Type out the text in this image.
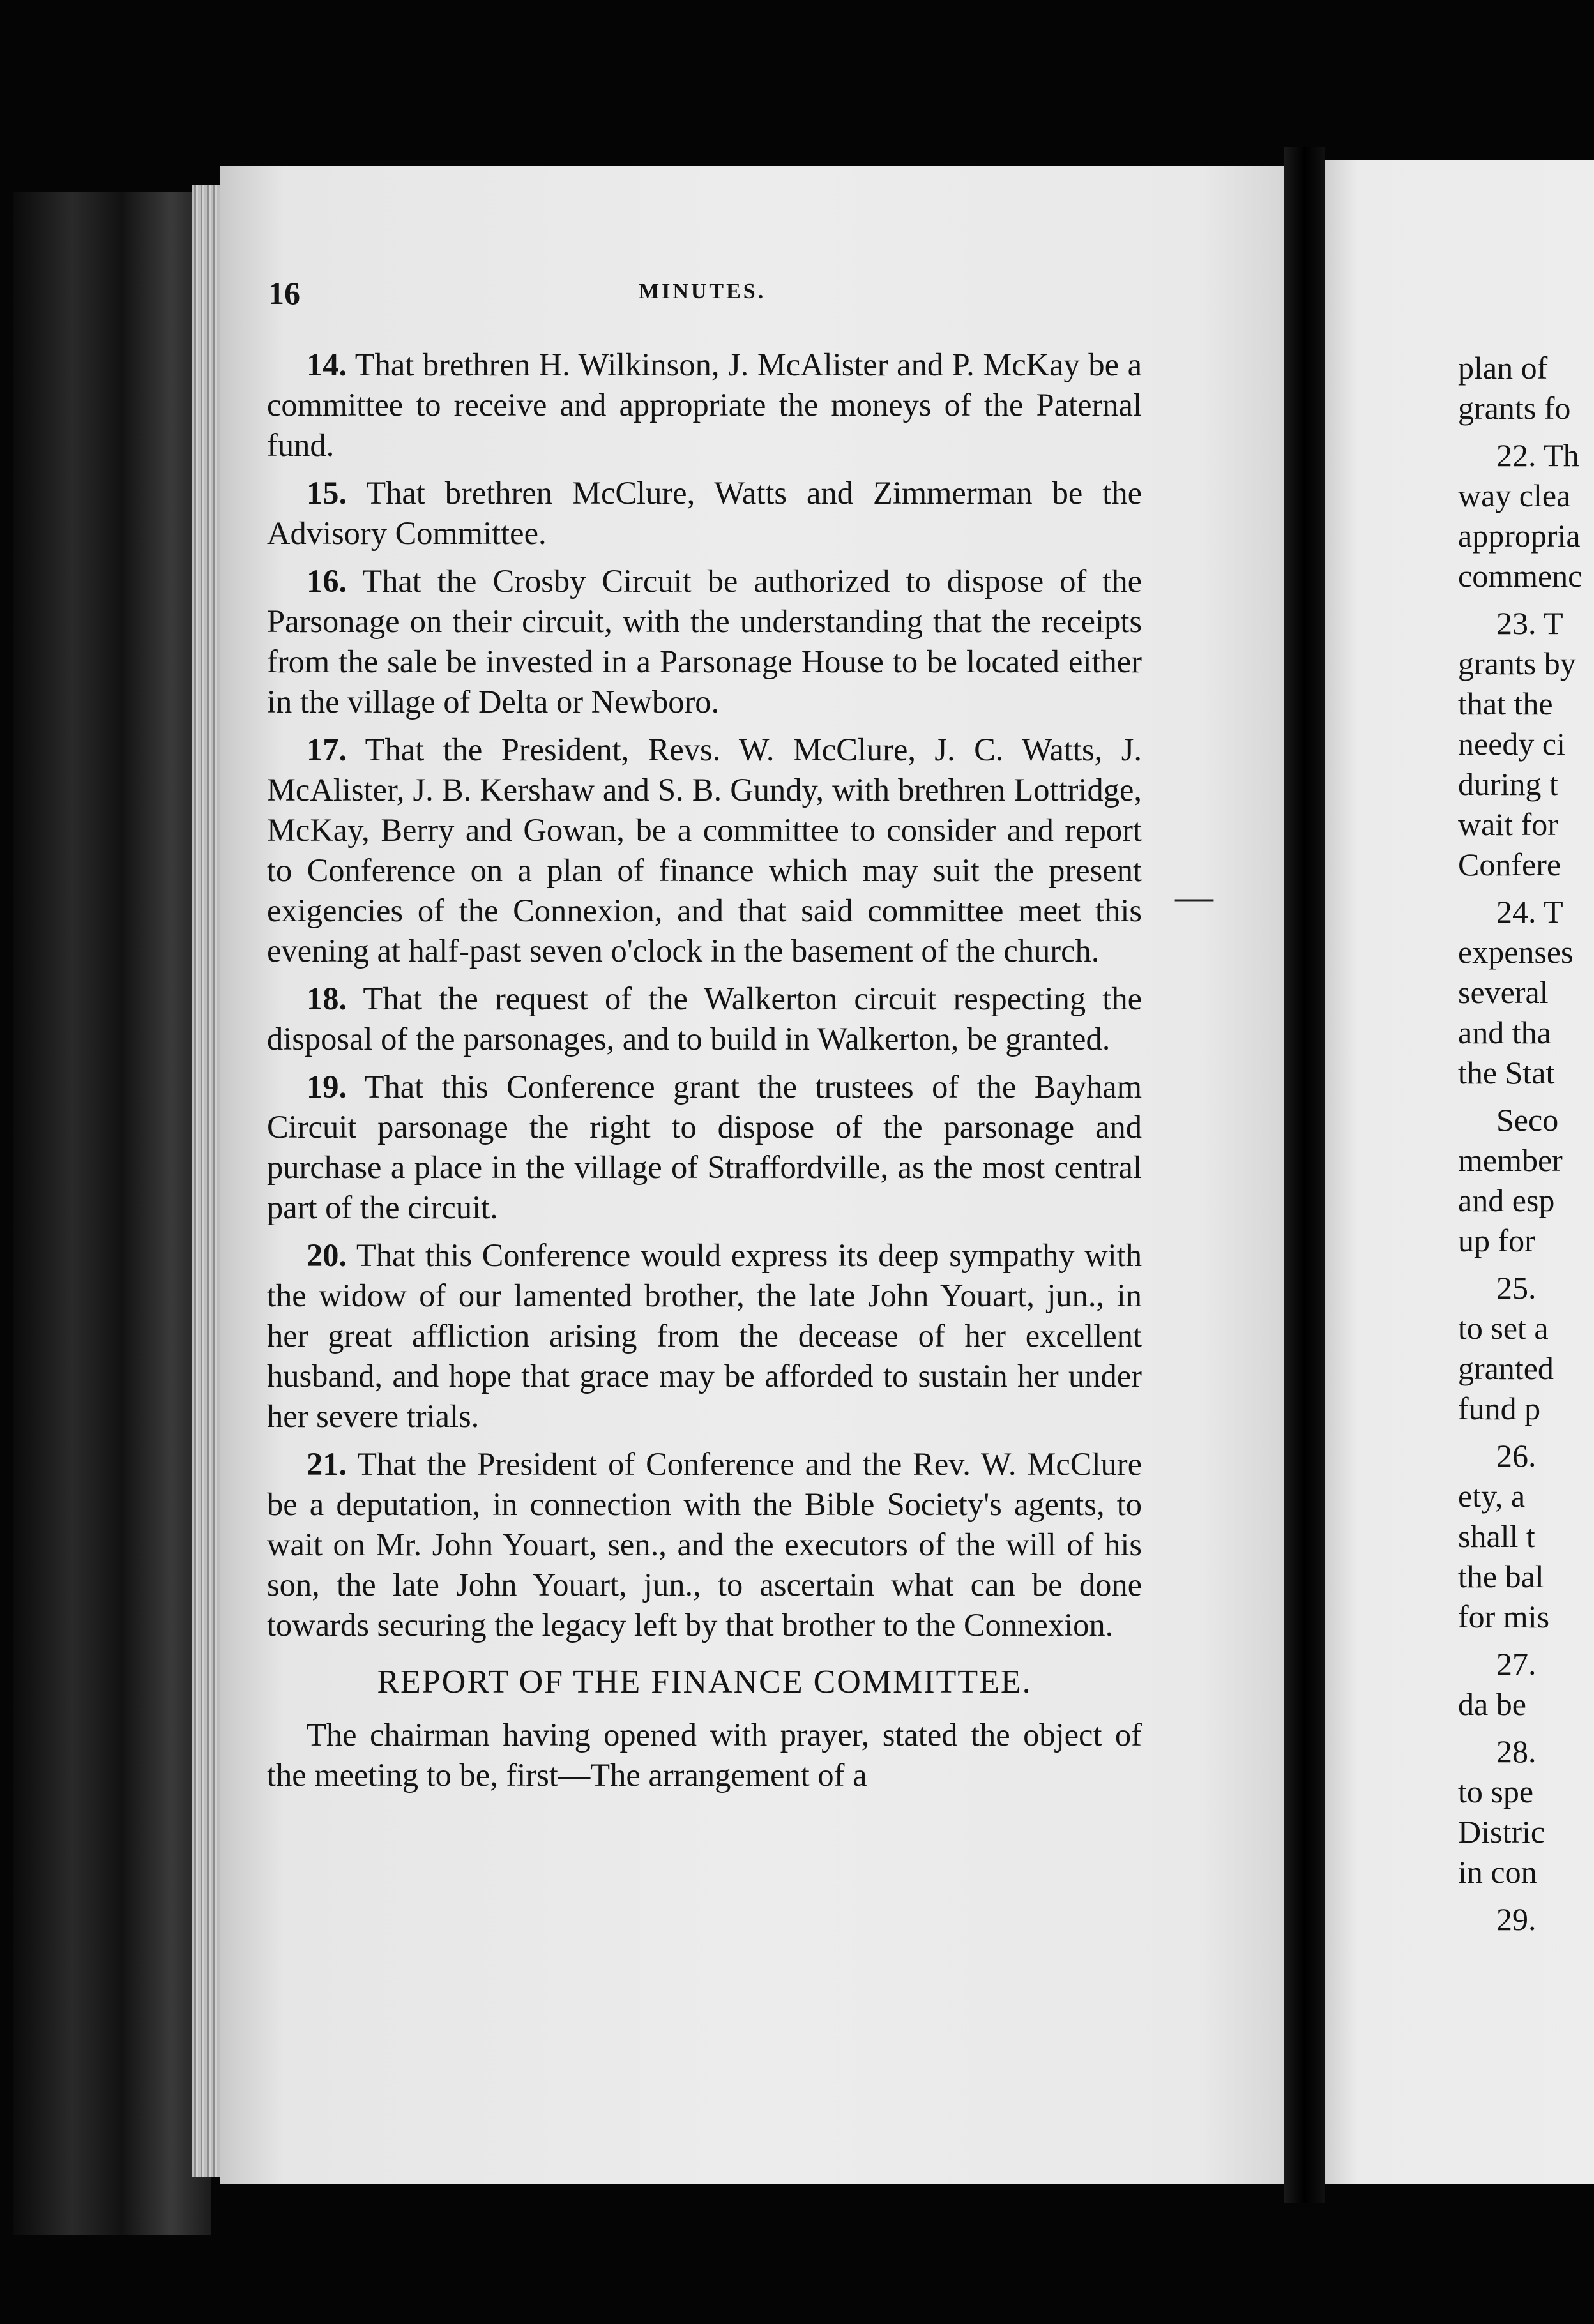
16	MINUTES.

14. That brethren H. Wilkinson, J. McAlister and P. McKay be a committee to receive and appropriate the moneys of the Paternal fund.

15. That brethren McClure, Watts and Zimmerman be the Advisory Committee.

16. That the Crosby Circuit be authorized to dispose of the Parsonage on their circuit, with the understanding that the receipts from the sale be invested in a Parsonage House to be located either in the village of Delta or Newboro.

17. That the President, Revs. W. McClure, J. C. Watts, J. McAlister, J. B. Kershaw and S. B. Gundy, with brethren Lottridge, McKay, Berry and Gowan, be a committee to consider and report to Conference on a plan of finance which may suit the present exigencies of the Connexion, and that said committee meet this evening at half-past seven o'clock in the basement of the church.

18. That the request of the Walkerton circuit respecting the disposal of the parsonages, and to build in Walkerton, be granted.

19. That this Conference grant the trustees of the Bayham Circuit parsonage the right to dispose of the parsonage and purchase a place in the village of Straffordville, as the most central part of the circuit.

20. That this Conference would express its deep sympathy with the widow of our lamented brother, the late John Youart, jun., in her great affliction arising from the decease of her excellent husband, and hope that grace may be afforded to sustain her under her severe trials.

21. That the President of Conference and the Rev. W. McClure be a deputation, in connection with the Bible Society's agents, to wait on Mr. John Youart, sen., and the executors of the will of his son, the late John Youart, jun., to ascertain what can be done towards securing the legacy left by that brother to the Connexion.

REPORT OF THE FINANCE COMMITTEE.

The chairman having opened with prayer, stated the object of the meeting to be, first—The arrangement of a

plan of
grants fo
22. Th
way clea
appropria
commenc
23. T
grants by
that the
needy ci
during t
wait for
Confere
24. T
expenses
several
and tha
the Stat
Seco
member
and esp
up for
25.
to set a
granted
fund p
26.
ety, a
shall t
the bal
for mis
27.
da be
28.
to spe
Distric
in con
29.
—
